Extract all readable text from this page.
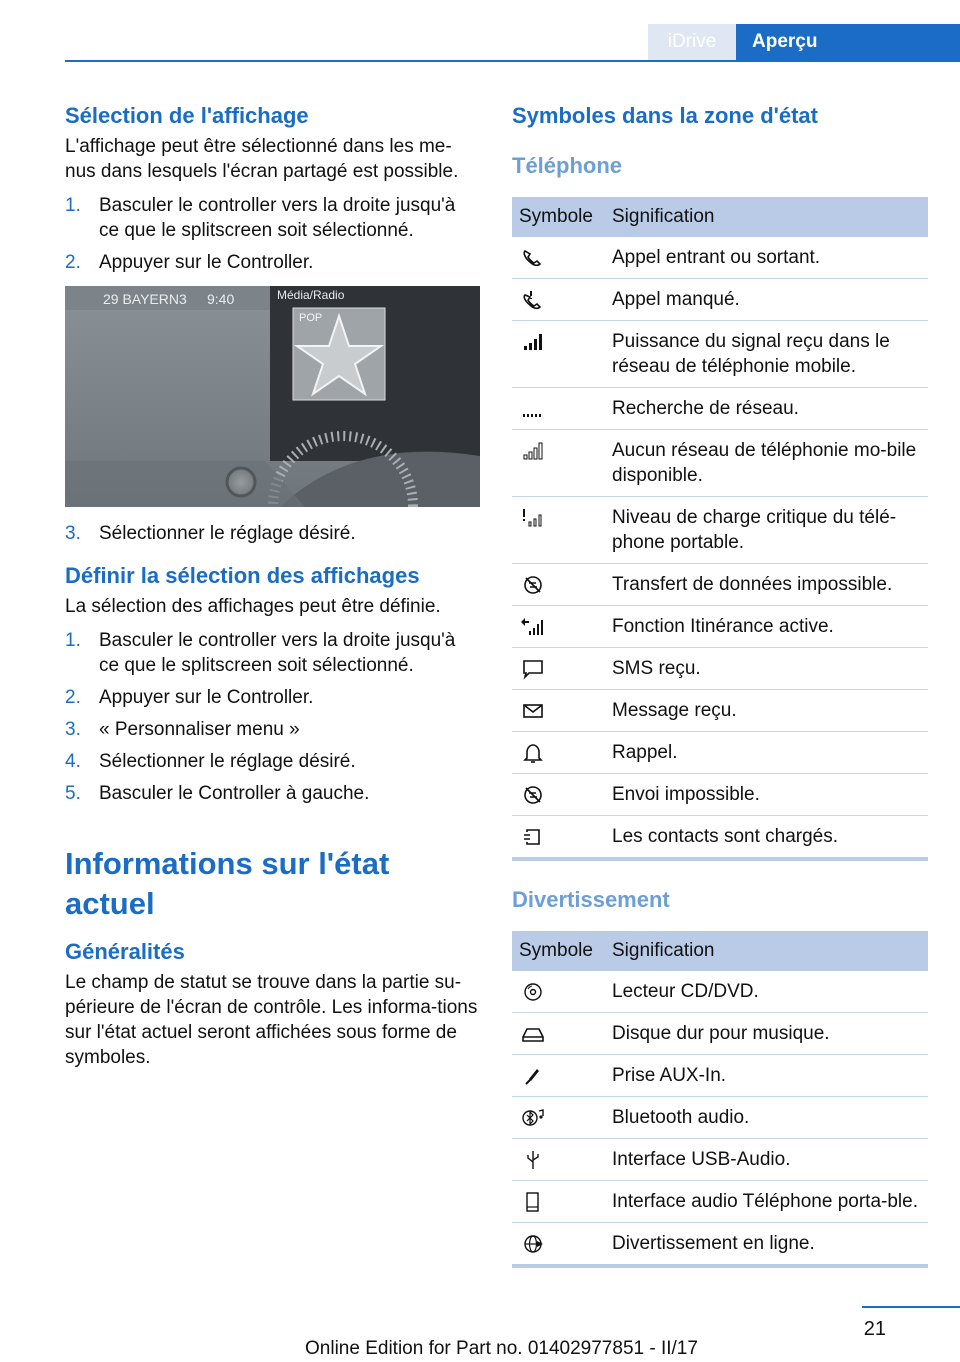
iDrive	Aperçu
Sélection de l'affichage

L'affichage peut être sélectionné dans les me-nus dans lesquels l'écran partagé est possible.

1. Basculer le controller vers la droite jusqu'à ce que le splitscreen soit sélectionné.
2. Appuyer sur le Controller.
29 BAYERN3 9:40	Média/Radio
POP
3. Sélectionner le réglage désiré.
Définir la sélection des affichages

La sélection des affichages peut être définie.

1. Basculer le controller vers la droite jusqu'à ce que le splitscreen soit sélectionné.
2. Appuyer sur le Controller.
3. « Personnaliser menu »
4. Sélectionner le réglage désiré.
5. Basculer le Controller à gauche.
Informations sur l'état actuel
Généralités

Le champ de statut se trouve dans la partie su-périeure de l'écran de contrôle. Les informa-tions sur l'état actuel seront affichées sous forme de symboles.

Symboles dans la zone d'état
Téléphone
Symbole	Signification
	Appel entrant ou sortant.
	Appel manqué.
	Puissance du signal reçu dans le réseau de téléphonie mobile.
	Recherche de réseau.
	Aucun réseau de téléphonie mo-bile disponible.
	Niveau de charge critique du télé-phone portable.
	Transfert de données impossible.
	Fonction Itinérance active.
	SMS reçu.
	Message reçu.
	Rappel.
	Envoi impossible.
	Les contacts sont chargés.
Divertissement
Symbole	Signification
	Lecteur CD/DVD.
	Disque dur pour musique.
	Prise AUX-In.
	Bluetooth audio.
	Interface USB-Audio.
	Interface audio Téléphone porta-ble.
	Divertissement en ligne.
21
Online Edition for Part no. 01402977851 - II/17
